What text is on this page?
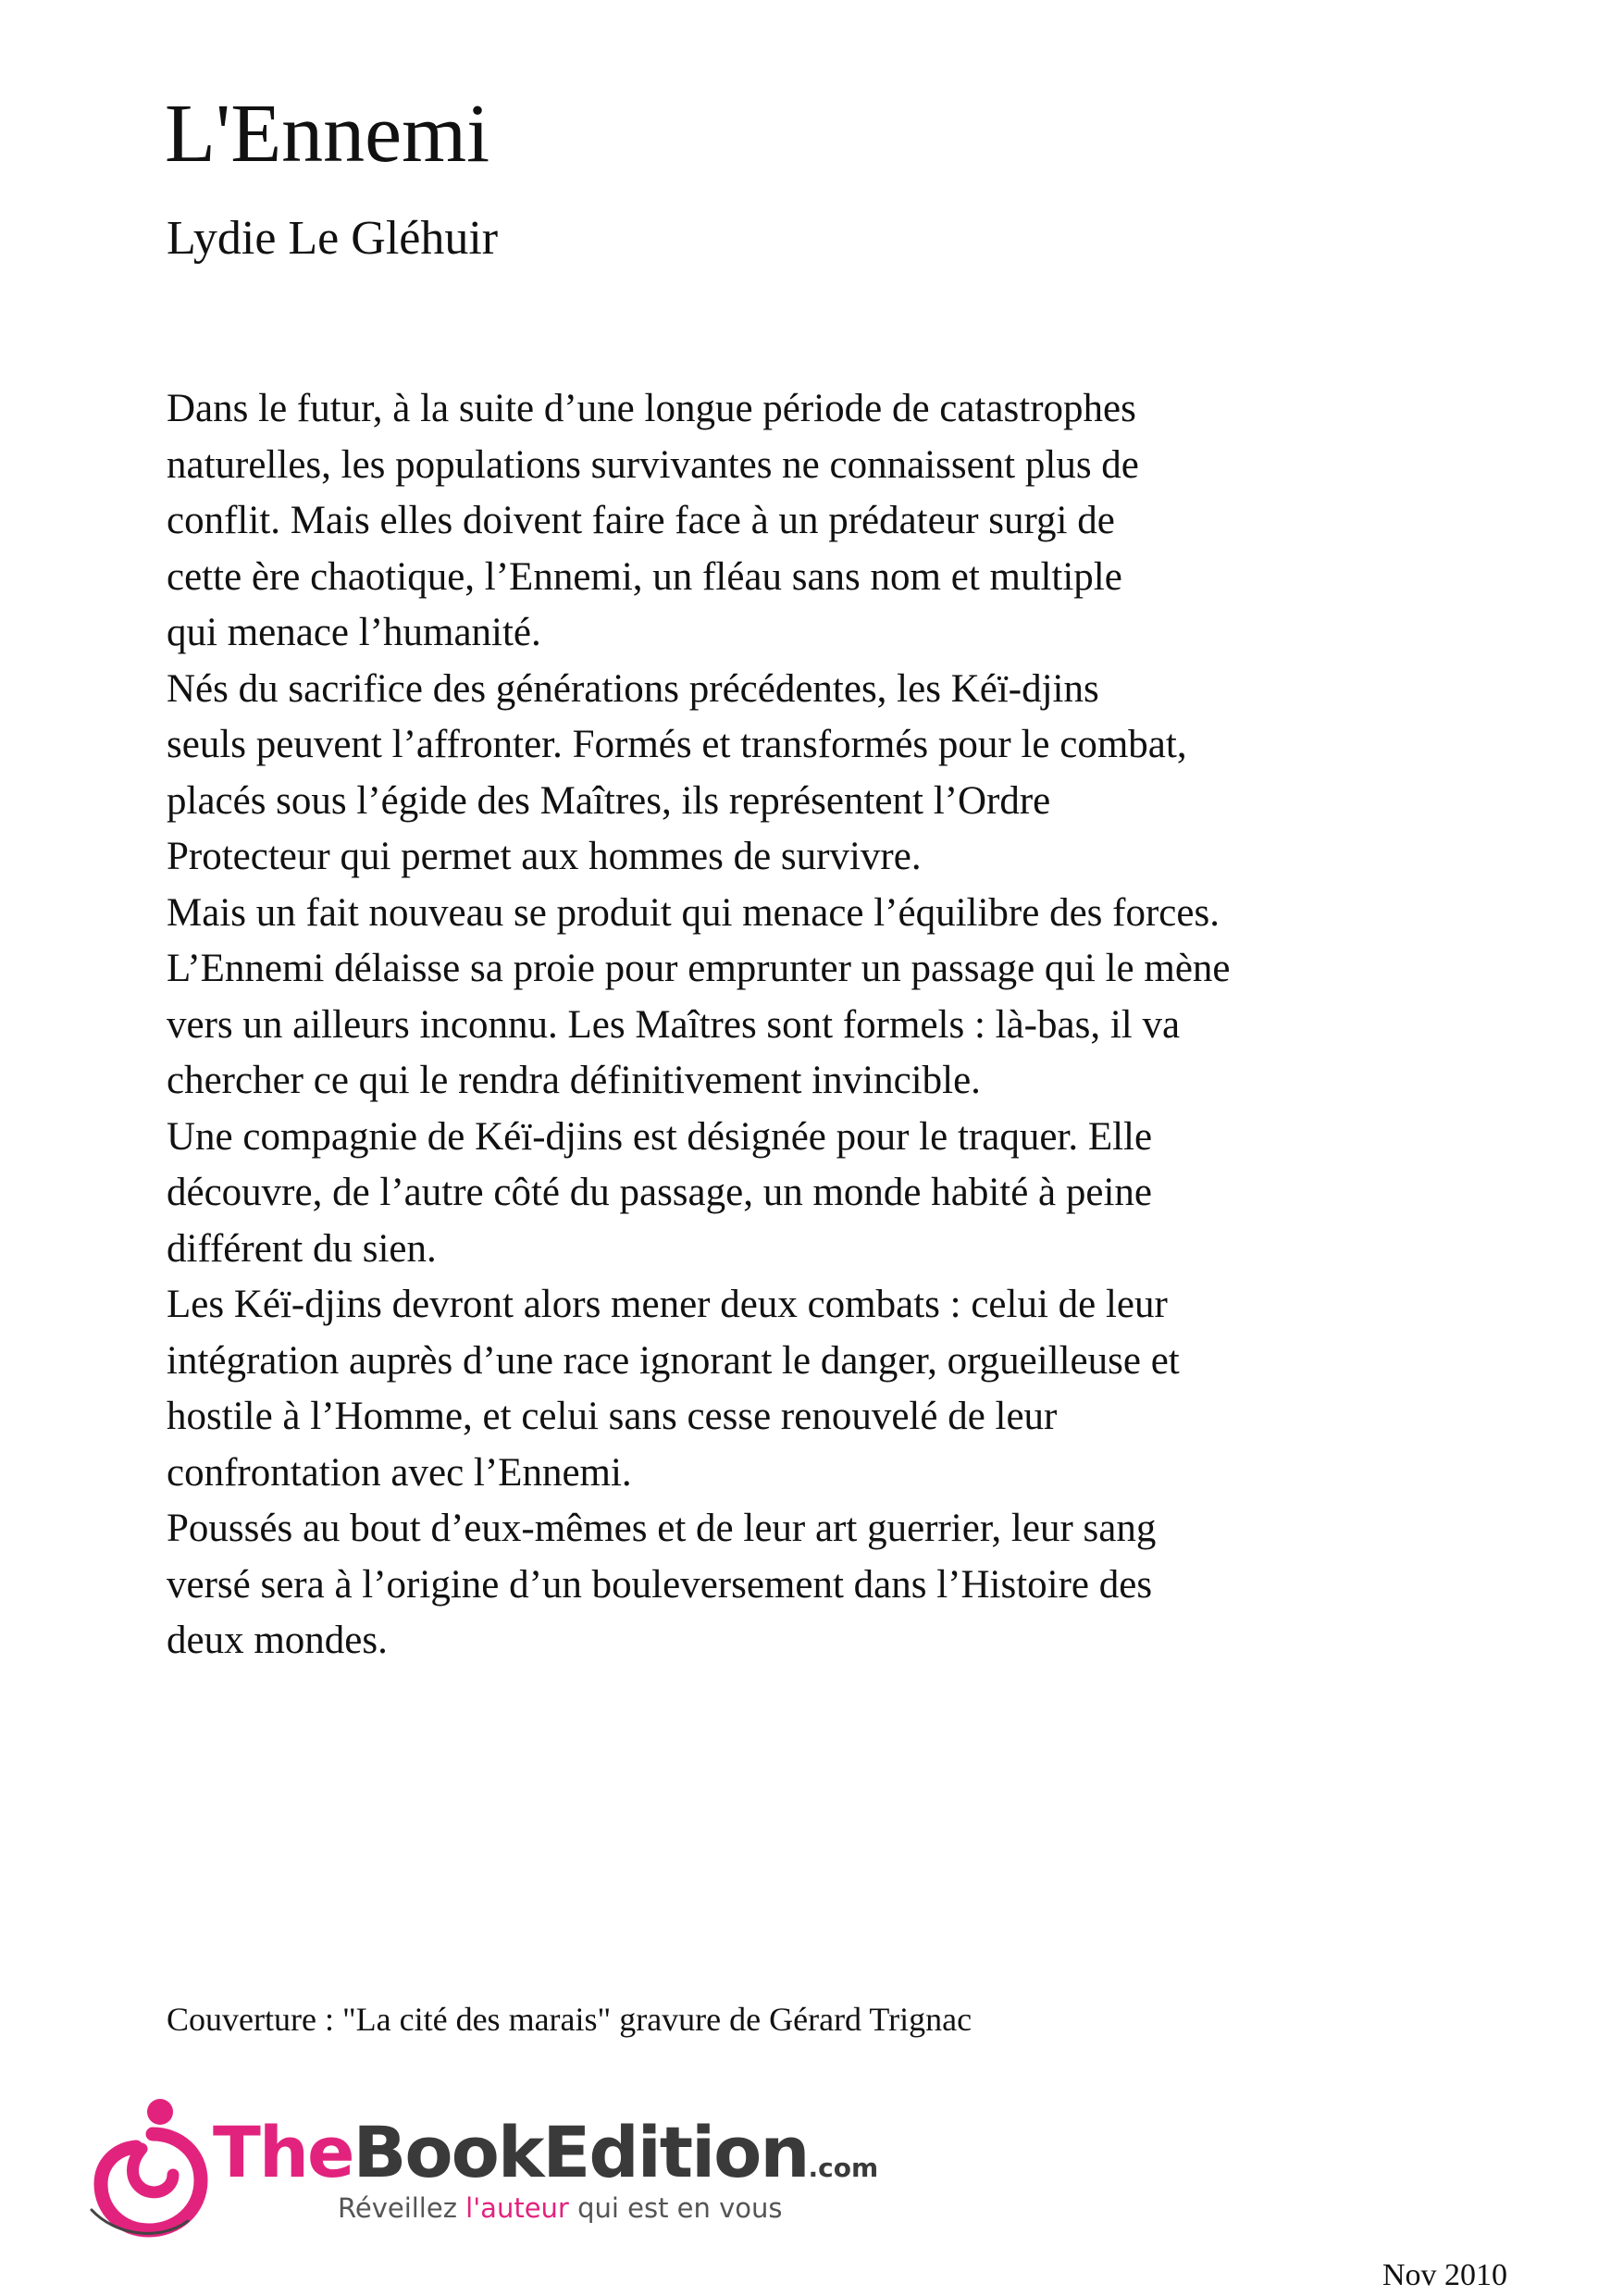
L'Ennemi
Lydie Le Gléhuir
Dans le futur, à la suite d’une longue période de catastrophes
naturelles, les populations survivantes ne connaissent plus de
conflit. Mais elles doivent faire face à un prédateur surgi de
cette ère chaotique, l’Ennemi, un fléau sans nom et multiple
qui menace l’humanité.
Nés du sacrifice des générations précédentes, les Kéï-djins
seuls peuvent l’affronter. Formés et transformés pour le combat,
placés sous l’égide des Maîtres, ils représentent l’Ordre
Protecteur qui permet aux hommes de survivre.
Mais un fait nouveau se produit qui menace l’équilibre des forces.
L’Ennemi délaisse sa proie pour emprunter un passage qui le mène
vers un ailleurs inconnu. Les Maîtres sont formels : là-bas, il va
chercher ce qui le rendra définitivement invincible.
Une compagnie de Kéï-djins est désignée pour le traquer. Elle
découvre, de l’autre côté du passage, un monde habité à peine
différent du sien.
Les Kéï-djins devront alors mener deux combats : celui de leur
intégration auprès d’une race ignorant le danger, orgueilleuse et
hostile à l’Homme, et celui sans cesse renouvelé de leur
confrontation avec l’Ennemi.
Poussés au bout d’eux-mêmes et de leur art guerrier, leur sang
versé sera à l’origine d’un bouleversement dans l’Histoire des
deux mondes.
Couverture : "La cité des marais" gravure de Gérard Trignac
TheBookEdition.com
Réveillez l'auteur qui est en vous
Nov 2010
